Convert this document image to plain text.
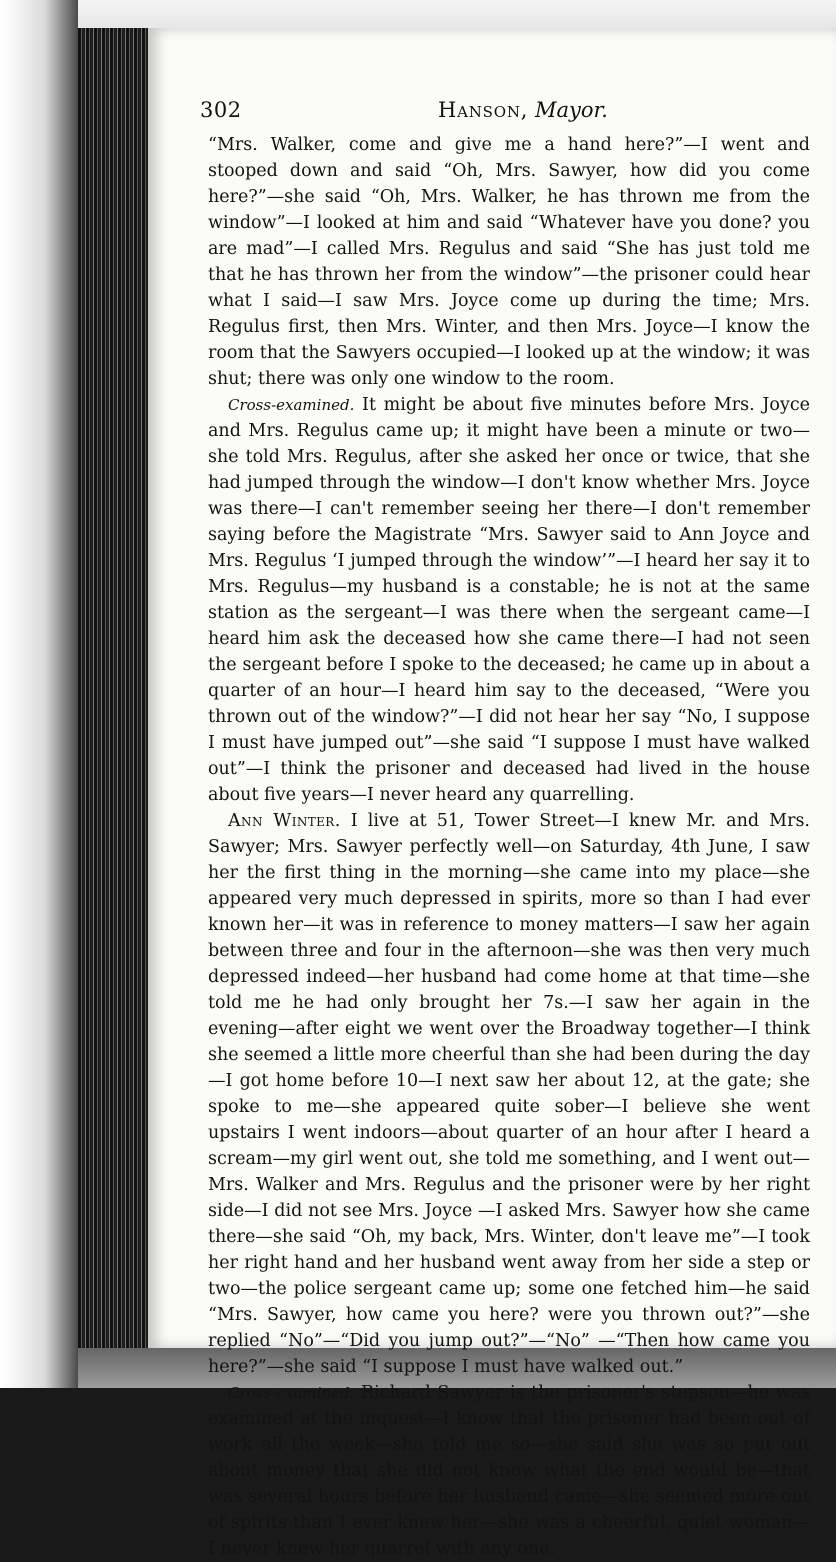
302	Hanson, Mayor.

“Mrs. Walker, come and give me a hand here?”—I went and stooped down and said “Oh, Mrs. Sawyer, how did you come here?”—she said “Oh, Mrs. Walker, he has thrown me from the window”—I looked at him and said “Whatever have you done? you are mad”—I called Mrs. Regulus and said “She has just told me that he has thrown her from the window”—the prisoner could hear what I said—I saw Mrs. Joyce come up during the time; Mrs. Regulus first, then Mrs. Winter, and then Mrs. Joyce—I know the room that the Sawyers occupied—I looked up at the window; it was shut; there was only one window to the room.

Cross-examined. It might be about five minutes before Mrs. Joyce and Mrs. Regulus came up; it might have been a minute or two—she told Mrs. Regulus, after she asked her once or twice, that she had jumped through the window—I don't know whether Mrs. Joyce was there—I can't remember seeing her there—I don't remember saying before the Magistrate “Mrs. Sawyer said to Ann Joyce and Mrs. Regulus ‘I jumped through the window’”—I heard her say it to Mrs. Regulus—my husband is a constable; he is not at the same station as the sergeant—I was there when the sergeant came—I heard him ask the deceased how she came there—I had not seen the sergeant before I spoke to the deceased; he came up in about a quarter of an hour—I heard him say to the deceased, “Were you thrown out of the window?”—I did not hear her say “No, I suppose I must have jumped out”—she said “I suppose I must have walked out”—I think the prisoner and deceased had lived in the house about five years—I never heard any quarrelling.

Ann Winter. I live at 51, Tower Street—I knew Mr. and Mrs. Sawyer; Mrs. Sawyer perfectly well—on Saturday, 4th June, I saw her the first thing in the morning—she came into my place—she appeared very much depressed in spirits, more so than I had ever known her—it was in reference to money matters—I saw her again between three and four in the afternoon—she was then very much depressed indeed—her husband had come home at that time—she told me he had only brought her 7s.—I saw her again in the evening—after eight we went over the Broadway together—I think she seemed a little more cheerful than she had been during the day—I got home before 10—I next saw her about 12, at the gate; she spoke to me—she appeared quite sober—I believe she went upstairs I went indoors—about quarter of an hour after I heard a scream—my girl went out, she told me something, and I went out—Mrs. Walker and Mrs. Regulus and the prisoner were by her right side—I did not see Mrs. Joyce —I asked Mrs. Sawyer how she came there—she said “Oh, my back, Mrs. Winter, don't leave me”—I took her right hand and her husband went away from her side a step or two—the police sergeant came up; some one fetched him—he said “Mrs. Sawyer, how came you here? were you thrown out?”—she replied “No”—“Did you jump out?”—“No” —“Then how came you here?”—she said “I suppose I must have walked out.”

Cross-examined. Richard Sawyer is the prisoner's stepson—he was examined at the inquest—I know that the prisoner had been out of work all the week—she told me so—she said she was so put out about money that she did not know what the end would be—that was several hours before her husband came—she seemed more out of spirits than I ever knew her—she was a cheerful, quiet woman—I never knew her quarrel with any one.
